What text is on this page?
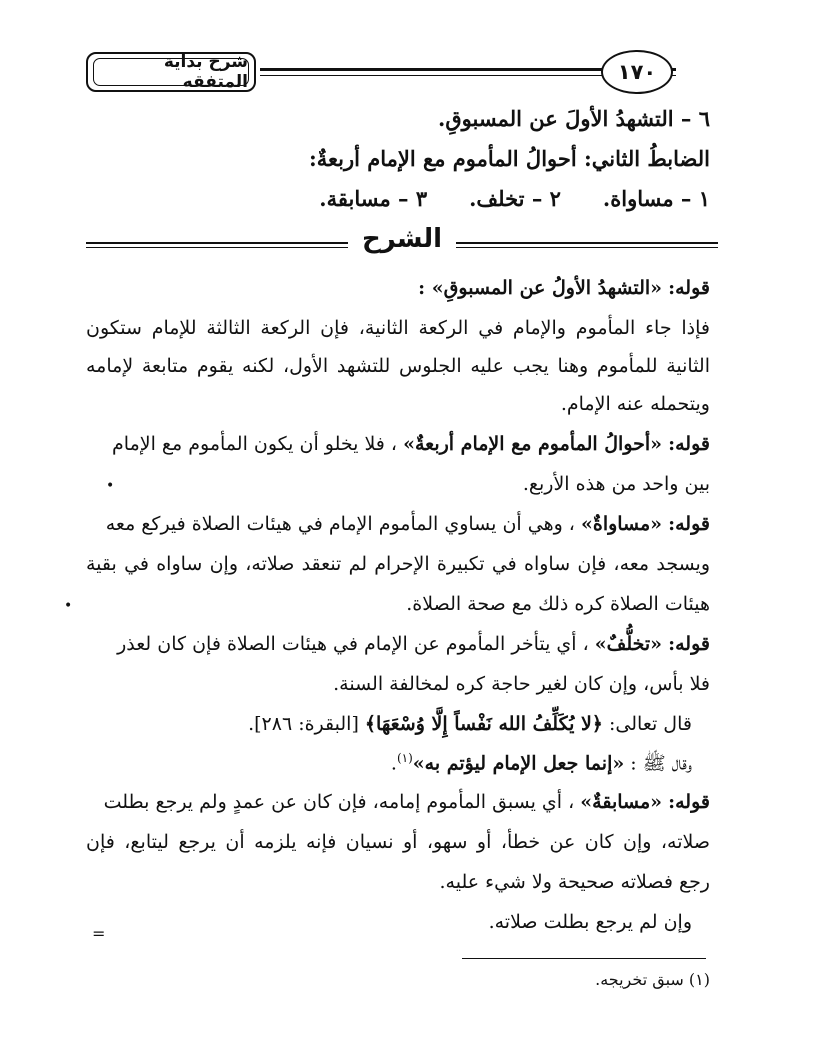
شرح بداية المتفقه	١٧٠
٦ – التشهدُ الأولَ عن المسبوقِ.
الضابطُ الثاني: أحوالُ المأموم مع الإمام أربعةٌ:
١ – مساواة.٢ – تخلف.٣ – مسابقة.
الشرح
قوله: «التشهدُ الأولُ عن المسبوقِ» :
فإذا جاء المأموم والإمام في الركعة الثانية، فإن الركعة الثالثة للإمام ستكون
الثانية للمأموم وهنا يجب عليه الجلوس للتشهد الأول، لكنه يقوم متابعة لإمامه
ويتحمله عنه الإمام.
قوله: «أحوالُ المأموم مع الإمام أربعةٌ» ، فلا يخلو أن يكون المأموم مع الإمام
بين واحد من هذه الأربع.
قوله: «مساواةٌ» ، وهي أن يساوي المأموم الإمام في هيئات الصلاة فيركع معه
ويسجد معه، فإن ساواه في تكبيرة الإحرام لم تنعقد صلاته، وإن ساواه في بقية
هيئات الصلاة كره ذلك مع صحة الصلاة.
قوله: «تخلُّفٌ» ، أي يتأخر المأموم عن الإمام في هيئات الصلاة فإن كان لعذر
فلا بأس، وإن كان لغير حاجة كره لمخالفة السنة.
قال تعالى: ﴿لا يُكَلِّفُ الله نَفْساً إِلَّا وُسْعَهَا﴾ [البقرة: ٢٨٦].
وقال ﷺ : «إنما جعل الإمام ليؤتم به»$^{(١)}$.
قوله: «مسابقةٌ» ، أي يسبق المأموم إمامه، فإن كان عن عمدٍ ولم يرجع بطلت
صلاته، وإن كان عن خطأ، أو سهو، أو نسيان فإنه يلزمه أن يرجع ليتابع، فإن
رجع فصلاته صحيحة ولا شيء عليه.
وإن لم يرجع بطلت صلاته.
(١) سبق تخريجه.
•
•
=
